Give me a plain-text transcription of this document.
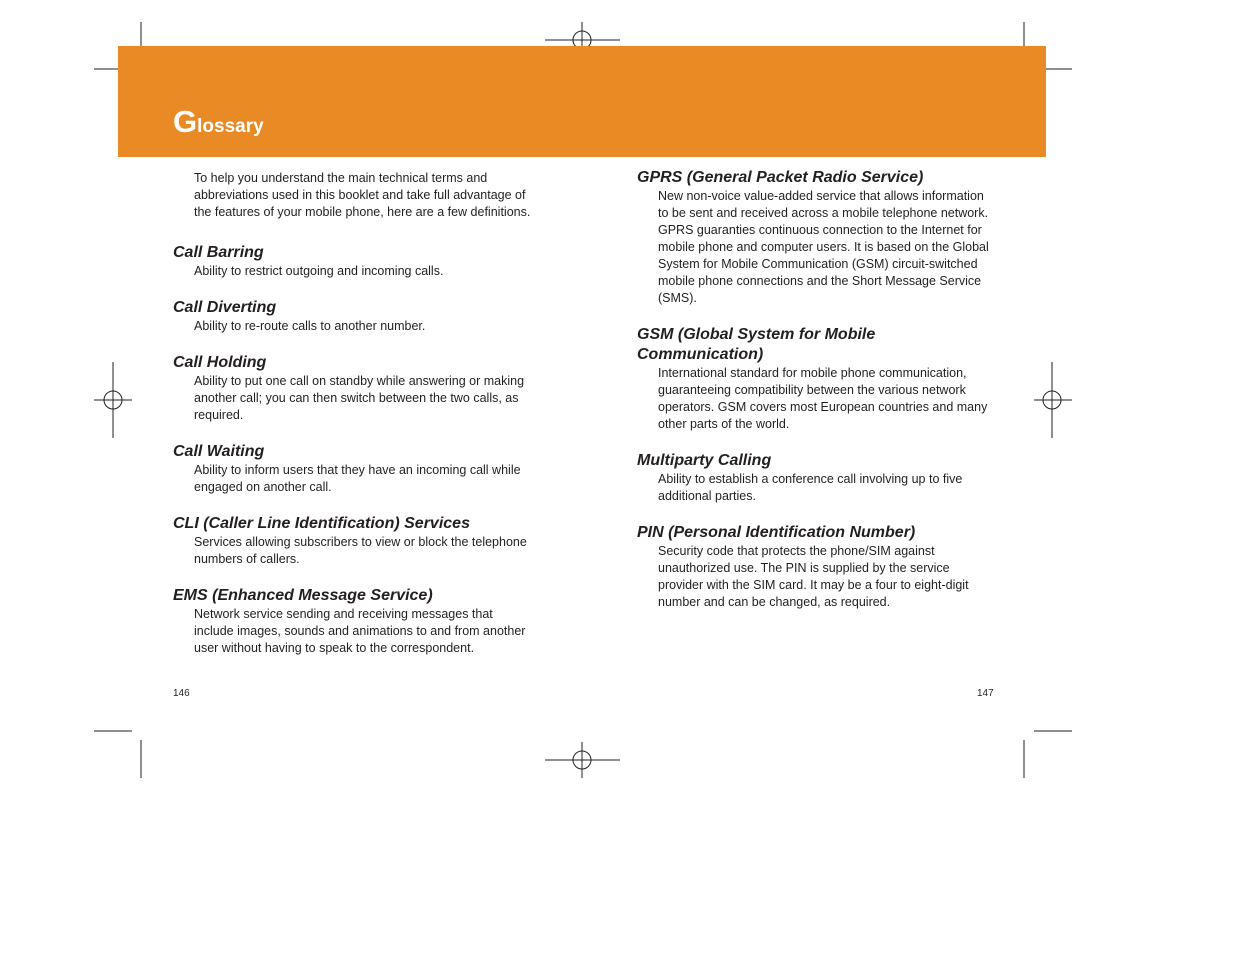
Glossary
To help you understand the main technical terms and abbreviations used in this booklet and take full advantage of the features of your mobile phone, here are a few definitions.
Call Barring
Ability to restrict outgoing and incoming calls.
Call Diverting
Ability to re-route calls to another number.
Call Holding
Ability to put one call on standby while answering or making another call; you can then switch between the two calls, as required.
Call Waiting
Ability to inform users that they have an incoming call while engaged on another call.
CLI (Caller Line Identification) Services
Services allowing subscribers to view or block the telephone numbers of callers.
EMS (Enhanced Message Service)
Network service sending and receiving messages that include images, sounds and animations to and from another user without having to speak to the correspondent.
GPRS (General Packet Radio Service)
New non-voice value-added service that allows information to be sent and received across a mobile telephone network. GPRS guaranties continuous connection to the Internet for mobile phone and computer users. It is based on the Global System for Mobile Communication (GSM) circuit-switched mobile phone connections and the Short Message Service (SMS).
GSM (Global System for Mobile Communication)
International standard for mobile phone communication, guaranteeing compatibility between the various network operators. GSM covers most European countries and many other parts of the world.
Multiparty Calling
Ability to establish a conference call involving up to five additional parties.
PIN (Personal Identification Number)
Security code that protects the phone/SIM against unauthorized use. The PIN is supplied by the service provider with the SIM card. It may be a four to eight-digit number and can be changed, as required.
146	147
